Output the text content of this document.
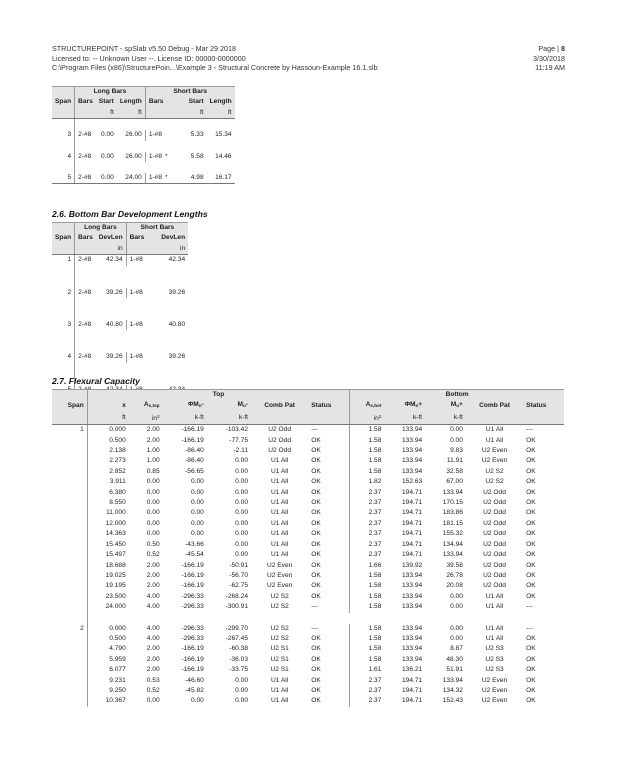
STRUCTUREPOINT - spSlab v5.50 Debug - Mar 29 2018
Licensed to: -- Unknown User --. License ID: 00000-0000000
C:\Program Files (x86)\StructurePoin...\Example 3 - Structural Concrete by Hassoun-Example 16.1.slb
Page | 8
3/30/2018
11:19 AM
	Long Bars			Short Bars		
Span	Bars	Start	Length	Bars	Start	Length
		ft	ft		ft	ft

3	2-#8	0.00	26.00	1-#8	5.33	15.34

4	2-#8	0.00	26.00	1-#8 *	5.58	14.46

5	2-#8	0.00	24.00	1-#8 *	4.98	16.17
2.6. Bottom Bar Development Lengths
	Long Bars		Short Bars	
Span	Bars	DevLen	Bars	DevLen
		in		in
1	2-#8	42.34	1-#8	42.34

2	2-#8	39.26	1-#8	39.26

3	2-#8	40.80	1-#8	40.80

4	2-#8	39.26	1-#8	39.26

2.7. Flexural Capacity
	Top						Bottom				
Span	x	$A_{s,top}$	$\Phi M_n-$	$M_u-$	Comb Pat	Status	$A_{s,bot}$	$\Phi M_n+$	$M_u+$	Comb Pat	Status
	ft	$in^2$	k-ft	k-ft			$in^2$	k-ft	k-ft		
1	0.000	2.00	-166.19	-103.42	U2 Odd	---	1.58	133.94	0.00	U1 All	---
	0.500	2.00	-166.19	-77.75	U2 Odd	OK	1.58	133.94	0.00	U1 All	OK
	2.138	1.00	-86.40	-2.11	U2 Odd	OK	1.58	133.94	9.83	U2 Even	OK
	2.273	1.00	-86.40	0.00	U1 All	OK	1.58	133.94	11.91	U2 Even	OK
	2.852	0.85	-56.65	0.00	U1 All	OK	1.58	133.94	32.58	U2 S2	OK
	3.911	0.00	0.00	0.00	U1 All	OK	1.82	152.63	67.00	U2 S2	OK
	6.380	0.00	0.00	0.00	U1 All	OK	2.37	194.71	133.94	U2 Odd	OK
	8.550	0.00	0.00	0.00	U1 All	OK	2.37	194.71	170.15	U2 Odd	OK
	11.000	0.00	0.00	0.00	U1 All	OK	2.37	194.71	183.86	U2 Odd	OK
	12.000	0.00	0.00	0.00	U1 All	OK	2.37	194.71	181.15	U2 Odd	OK
	14.363	0.00	0.00	0.00	U1 All	OK	2.37	194.71	155.32	U2 Odd	OK
	15.450	0.50	-43.66	0.00	U1 All	OK	2.37	194.71	134.94	U2 Odd	OK
	15.497	0.52	-45.54	0.00	U1 All	OK	2.37	194.71	133.94	U2 Odd	OK
	18.688	2.00	-166.19	-50.91	U2 Even	OK	1.66	139.92	39.58	U2 Odd	OK
	19.025	2.00	-166.19	-56.70	U2 Even	OK	1.58	133.94	26.78	U2 Odd	OK
	19.195	2.00	-166.19	-62.75	U2 Even	OK	1.58	133.94	20.08	U2 Odd	OK
	23.500	4.00	-296.33	-268.24	U2 S2	OK	1.58	133.94	0.00	U1 All	OK
	24.000	4.00	-296.33	-300.91	U2 S2	---	1.58	133.94	0.00	U1 All	---

2	0.000	4.00	-296.33	-299.70	U2 S2	---	1.58	133.94	0.00	U1 All	---
	0.500	4.00	-296.33	-267.45	U2 S2	OK	1.58	133.94	0.00	U1 All	OK
	4.790	2.00	-166.19	-60.38	U2 S1	OK	1.58	133.94	8.87	U2 S3	OK
	5.959	2.00	-166.19	-36.03	U2 S1	OK	1.58	133.94	48.30	U2 S3	OK
	6.077	2.00	-166.19	-33.75	U2 S1	OK	1.61	136.21	51.91	U2 S3	OK
	9.231	0.53	-46.60	0.00	U1 All	OK	2.37	194.71	133.94	U2 Even	OK
	9.250	0.52	-45.82	0.00	U1 All	OK	2.37	194.71	134.32	U2 Even	OK
	10.367	0.00	0.00	0.00	U1 All	OK	2.37	194.71	152.43	U2 Even	OK
